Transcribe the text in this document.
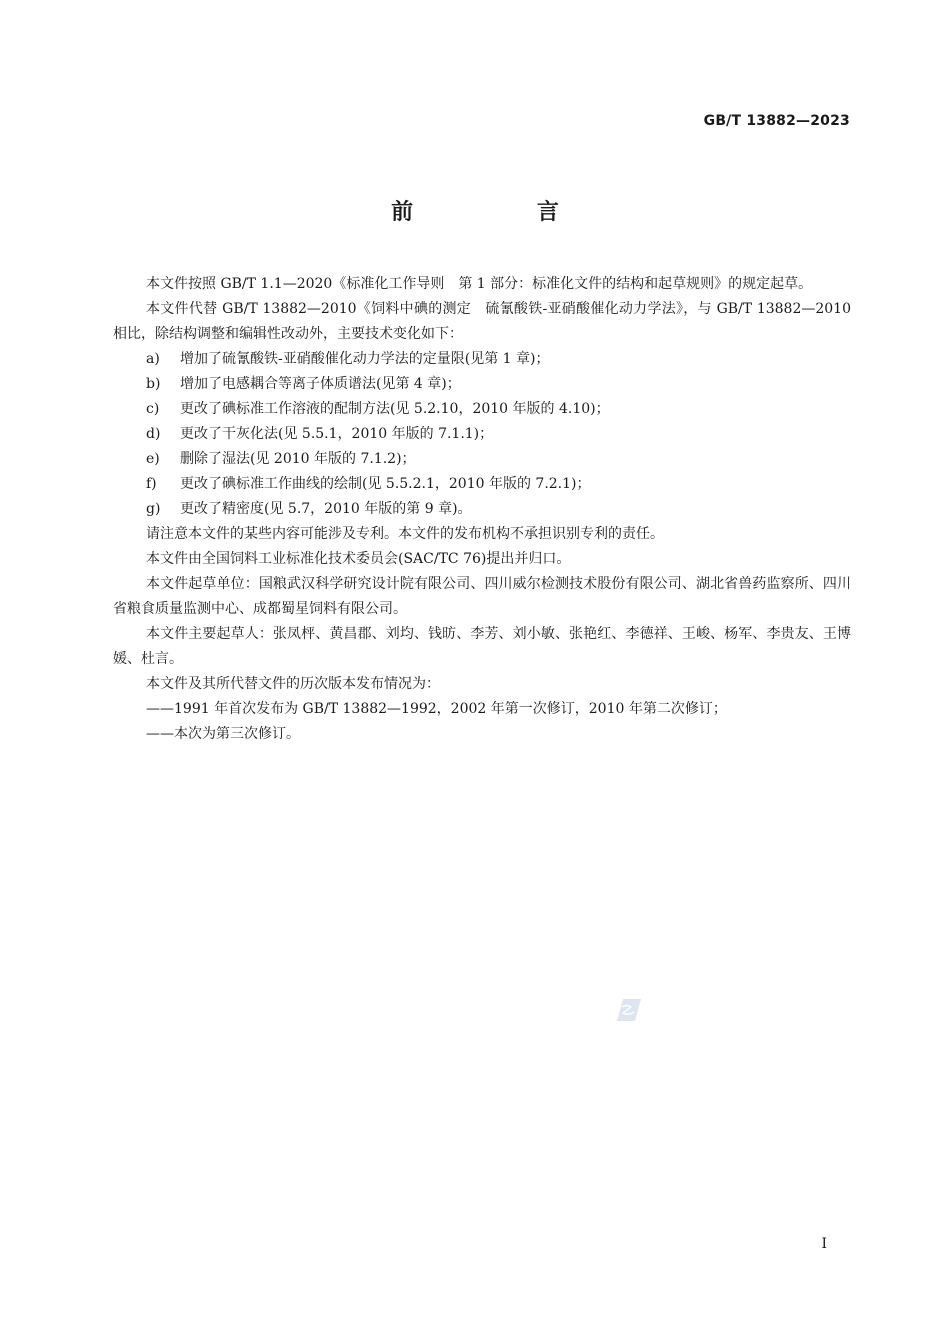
GB/T 13882—2023
前 言

本文件按照 GB/T 1.1—2020《标准化工作导则　第 1 部分：标准化文件的结构和起草规则》的规定起草。

本文件代替 GB/T 13882—2010《饲料中碘的测定　硫氰酸铁-亚硝酸催化动力学法》，与 GB/T 13882—2010 相比，除结构调整和编辑性改动外，主要技术变化如下：

a) 增加了硫氰酸铁-亚硝酸催化动力学法的定量限(见第 1 章)；

b) 增加了电感耦合等离子体质谱法(见第 4 章)；

c) 更改了碘标准工作溶液的配制方法(见 5.2.10，2010 年版的 4.10)；

d) 更改了干灰化法(见 5.5.1，2010 年版的 7.1.1)；

e) 删除了湿法(见 2010 年版的 7.1.2)；

f) 更改了碘标准工作曲线的绘制(见 5.5.2.1，2010 年版的 7.2.1)；

g) 更改了精密度(见 5.7，2010 年版的第 9 章)。

请注意本文件的某些内容可能涉及专利。本文件的发布机构不承担识别专利的责任。

本文件由全国饲料工业标准化技术委员会(SAC/TC 76)提出并归口。

本文件起草单位：国粮武汉科学研究设计院有限公司、四川威尔检测技术股份有限公司、湖北省兽药监察所、四川省粮食质量监测中心、成都蜀星饲料有限公司。

本文件主要起草人：张凤枰、黄昌郡、刘均、钱昉、李芳、刘小敏、张艳红、李德祥、王峻、杨军、李贵友、王博媛、杜言。

本文件及其所代替文件的历次版本发布情况为：

——1991 年首次发布为 GB/T 13882—1992，2002 年第一次修订，2010 年第二次修订；

——本次为第三次修订。

I
